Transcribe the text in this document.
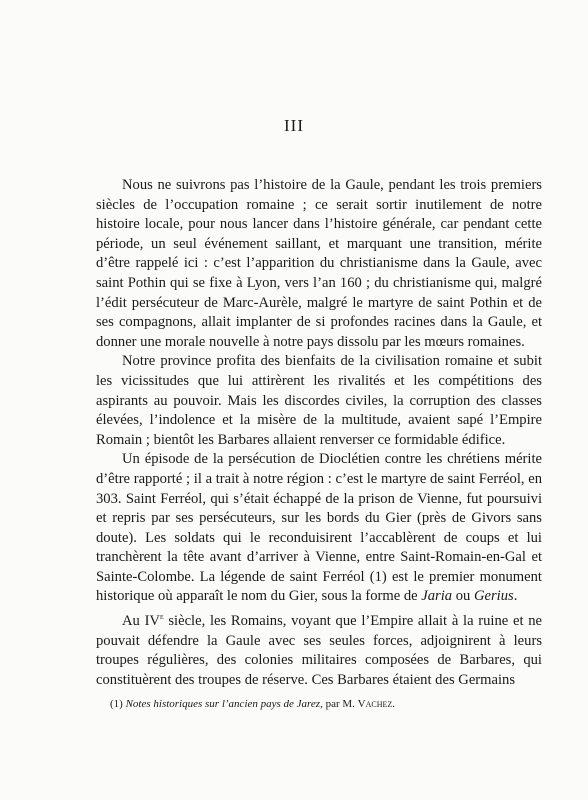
III

Nous ne suivrons pas l’histoire de la Gaule, pendant les trois premiers siècles de l’occupation romaine ; ce serait sortir inutilement de notre histoire locale, pour nous lancer dans l’histoire générale, car pendant cette période, un seul événement saillant, et marquant une transition, mérite d’être rappelé ici : c’est l’apparition du christianisme dans la Gaule, avec saint Pothin qui se fixe à Lyon, vers l’an 160 ; du christianisme qui, malgré l’édit persécuteur de Marc-Aurèle, malgré le martyre de saint Pothin et de ses compagnons, allait implanter de si profondes racines dans la Gaule, et donner une morale nouvelle à notre pays dissolu par les mœurs romaines.

Notre province profita des bienfaits de la civilisation romaine et subit les vicissitudes que lui attirèrent les rivalités et les compétitions des aspirants au pouvoir. Mais les discordes civiles, la corruption des classes élevées, l’indolence et la misère de la multitude, avaient sapé l’Empire Romain ; bientôt les Barbares allaient renverser ce formidable édifice.

Un épisode de la persécution de Dioclétien contre les chrétiens mérite d’être rapporté ; il a trait à notre région : c’est le martyre de saint Ferréol, en 303. Saint Ferréol, qui s’était échappé de la prison de Vienne, fut poursuivi et repris par ses persécuteurs, sur les bords du Gier (près de Givors sans doute). Les soldats qui le reconduisirent l’accablèrent de coups et lui tranchèrent la tête avant d’arriver à Vienne, entre Saint-Romain-en-Gal et Sainte-Colombe. La légende de saint Ferréol (1) est le premier monument historique où apparaît le nom du Gier, sous la forme de Jaria ou Gerius.

Au IVe siècle, les Romains, voyant que l’Empire allait à la ruine et ne pouvait défendre la Gaule avec ses seules forces, adjoignirent à leurs troupes régulières, des colonies militaires composées de Barbares, qui constituèrent des troupes de réserve. Ces Barbares étaient des Germains

(1) Notes historiques sur l’ancien pays de Jarez, par M. Vachez.
